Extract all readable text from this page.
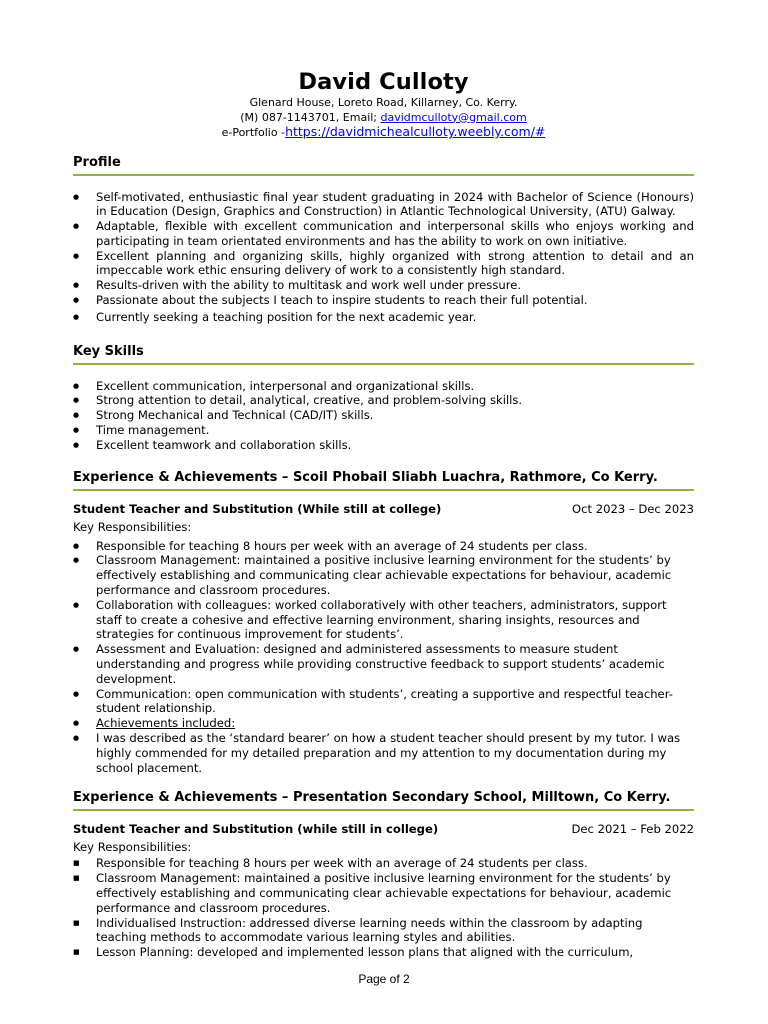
David Culloty
Glenard House, Loreto Road, Killarney, Co. Kerry.
(M) 087-1143701, Email; davidmculloty@gmail.com
e-Portfolio -https://davidmichealculloty.weebly.com/#
Profile
● Self-motivated, enthusiastic final year student graduating in 2024 with Bachelor of Science (Honours) in Education (Design, Graphics and Construction) in Atlantic Technological University, (ATU) Galway.
● Adaptable, flexible with excellent communication and interpersonal skills who enjoys working and participating in team orientated environments and has the ability to work on own initiative.
● Excellent planning and organizing skills, highly organized with strong attention to detail and an impeccable work ethic ensuring delivery of work to a consistently high standard.
● Results-driven with the ability to multitask and work well under pressure.
● Passionate about the subjects I teach to inspire students to reach their full potential.
● Currently seeking a teaching position for the next academic year.
Key Skills
● Excellent communication, interpersonal and organizational skills.
● Strong attention to detail, analytical, creative, and problem-solving skills.
● Strong Mechanical and Technical (CAD/IT) skills.
● Time management.
● Excellent teamwork and collaboration skills.
Experience & Achievements – Scoil Phobail Sliabh Luachra, Rathmore, Co Kerry.
Student Teacher and Substitution (While still at college)	Oct 2023 – Dec 2023
Key Responsibilities:
● Responsible for teaching 8 hours per week with an average of 24 students per class.
● Classroom Management: maintained a positive inclusive learning environment for the students’ by effectively establishing and communicating clear achievable expectations for behaviour, academic performance and classroom procedures.
● Collaboration with colleagues: worked collaboratively with other teachers, administrators, support staff to create a cohesive and effective learning environment, sharing insights, resources and strategies for continuous improvement for students’.
● Assessment and Evaluation: designed and administered assessments to measure student understanding and progress while providing constructive feedback to support students’ academic development.
● Communication: open communication with students’, creating a supportive and respectful teacher-student relationship.
● Achievements included:
● I was described as the ‘standard bearer’ on how a student teacher should present by my tutor. I was highly commended for my detailed preparation and my attention to my documentation during my school placement.
Experience & Achievements – Presentation Secondary School, Milltown, Co Kerry.
Student Teacher and Substitution (while still in college)	Dec 2021 – Feb 2022
Key Responsibilities:
■ Responsible for teaching 8 hours per week with an average of 24 students per class.
■ Classroom Management: maintained a positive inclusive learning environment for the students’ by effectively establishing and communicating clear achievable expectations for behaviour, academic performance and classroom procedures.
■ Individualised Instruction: addressed diverse learning needs within the classroom by adapting teaching methods to accommodate various learning styles and abilities.
■ Lesson Planning: developed and implemented lesson plans that aligned with the curriculum,
Page of 2
